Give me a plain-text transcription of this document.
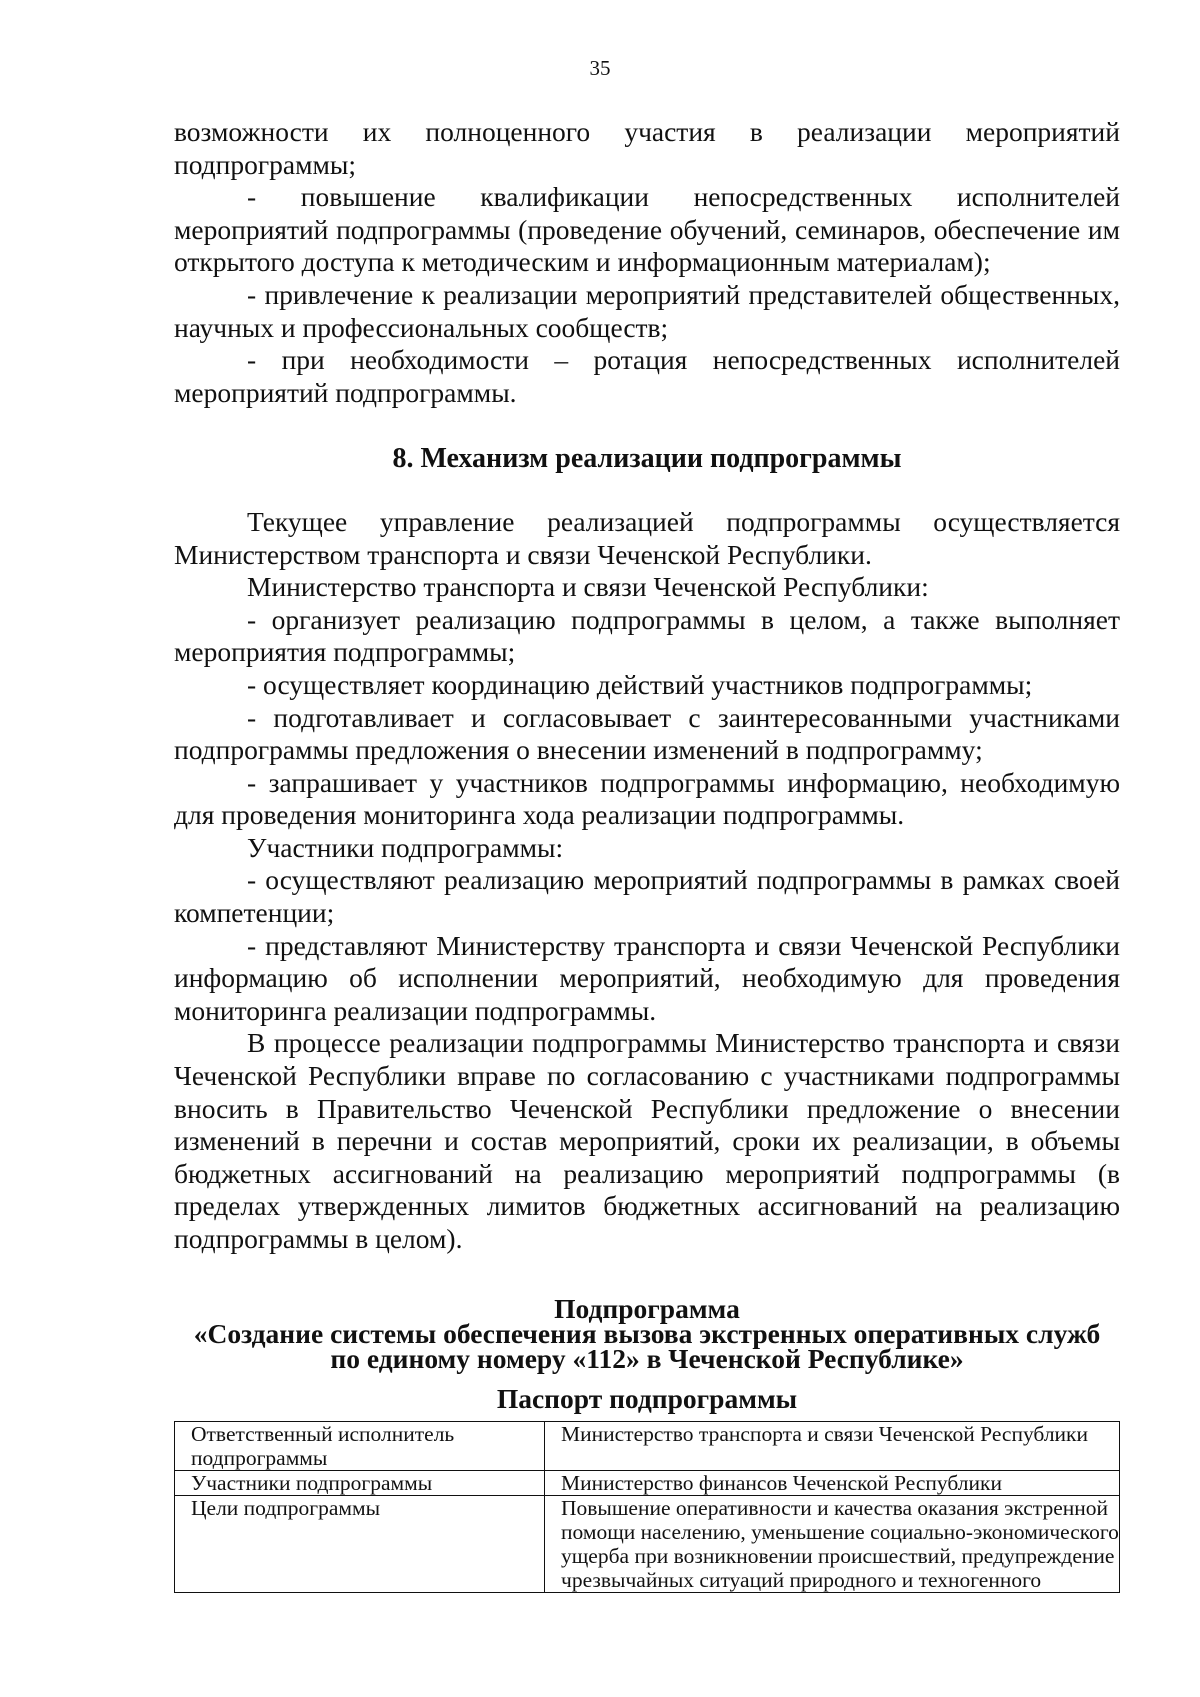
35
возможности их полноценного участия в реализации мероприятий подпрограммы;
- повышение квалификации непосредственных исполнителей мероприятий подпрограммы (проведение обучений, семинаров, обеспечение им открытого доступа к методическим и информационным материалам);
- привлечение к реализации мероприятий представителей общественных, научных и профессиональных сообществ;
- при необходимости – ротация непосредственных исполнителей мероприятий подпрограммы.
8. Механизм реализации подпрограммы
Текущее управление реализацией подпрограммы осуществляется Министерством транспорта и связи Чеченской Республики.
Министерство транспорта и связи Чеченской Республики:
- организует реализацию подпрограммы в целом, а также выполняет мероприятия подпрограммы;
- осуществляет координацию действий участников подпрограммы;
- подготавливает и согласовывает с заинтересованными участниками подпрограммы предложения о внесении изменений в подпрограмму;
- запрашивает у участников подпрограммы информацию, необходимую для проведения мониторинга хода реализации подпрограммы.
Участники подпрограммы:
- осуществляют реализацию мероприятий подпрограммы в рамках своей компетенции;
- представляют Министерству транспорта и связи Чеченской Республики информацию об исполнении мероприятий, необходимую для проведения мониторинга реализации подпрограммы.
В процессе реализации подпрограммы Министерство транспорта и связи Чеченской Республики вправе по согласованию с участниками подпрограммы вносить в Правительство Чеченской Республики предложение о внесении изменений в перечни и состав мероприятий, сроки их реализации, в объемы бюджетных ассигнований на реализацию мероприятий подпрограммы (в пределах утвержденных лимитов бюджетных ассигнований на реализацию подпрограммы в целом).
Подпрограмма
«Создание системы обеспечения вызова экстренных оперативных служб
по единому номеру «112» в Чеченской Республике»
Паспорт подпрограммы
Ответственный исполнитель подпрограммы	Министерство транспорта и связи Чеченской Республики
Участники подпрограммы	Министерство финансов Чеченской Республики
Цели подпрограммы	Повышение оперативности и качества оказания экстренной помощи населению, уменьшение социально-экономического ущерба при возникновении происшествий, предупреждение чрезвычайных ситуаций природного и техногенного
